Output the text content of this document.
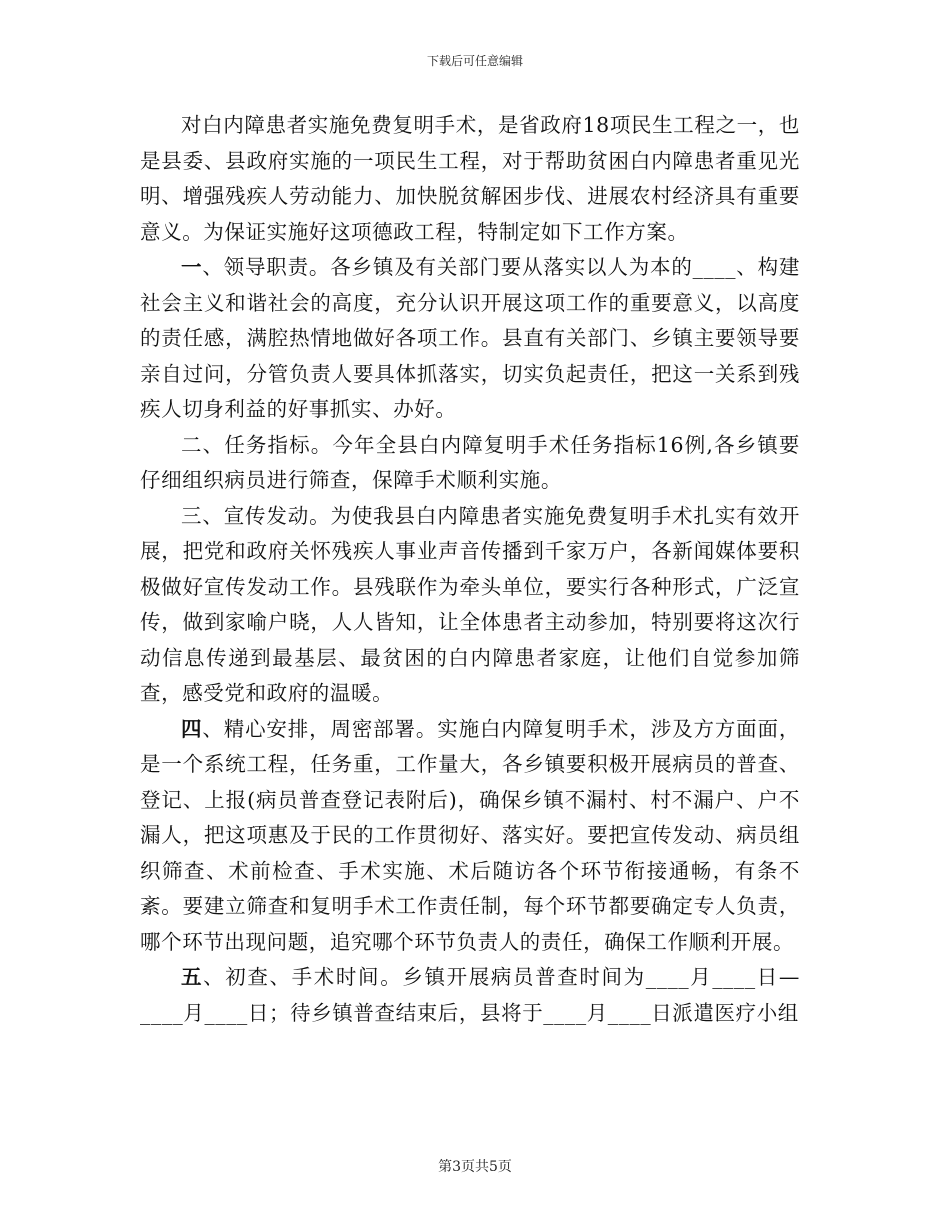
下载后可任意编辑

对白内障患者实施免费复明手术，是省政府18项民生工程之一，也是县委、县政府实施的一项民生工程，对于帮助贫困白内障患者重见光明、增强残疾人劳动能力、加快脱贫解困步伐、进展农村经济具有重要意义。为保证实施好这项德政工程，特制定如下工作方案。

一、领导职责。各乡镇及有关部门要从落实以人为本的____、构建社会主义和谐社会的高度，充分认识开展这项工作的重要意义，以高度的责任感，满腔热情地做好各项工作。县直有关部门、乡镇主要领导要亲自过问，分管负责人要具体抓落实，切实负起责任，把这一关系到残疾人切身利益的好事抓实、办好。

二、任务指标。今年全县白内障复明手术任务指标16例,各乡镇要仔细组织病员进行筛查，保障手术顺利实施。

三、宣传发动。为使我县白内障患者实施免费复明手术扎实有效开展，把党和政府关怀残疾人事业声音传播到千家万户，各新闻媒体要积极做好宣传发动工作。县残联作为牵头单位，要实行各种形式，广泛宣传，做到家喻户晓，人人皆知，让全体患者主动参加，特别要将这次行动信息传递到最基层、最贫困的白内障患者家庭，让他们自觉参加筛查，感受党和政府的温暖。

四、精心安排，周密部署。实施白内障复明手术，涉及方方面面，是一个系统工程，任务重，工作量大，各乡镇要积极开展病员的普查、登记、上报(病员普查登记表附后)，确保乡镇不漏村、村不漏户、户不漏人，把这项惠及于民的工作贯彻好、落实好。要把宣传发动、病员组织筛查、术前检查、手术实施、术后随访各个环节衔接通畅，有条不紊。要建立筛查和复明手术工作责任制，每个环节都要确定专人负责，哪个环节出现问题，追究哪个环节负责人的责任，确保工作顺利开展。

五、初查、手术时间。乡镇开展病员普查时间为____月____日—____月____日；待乡镇普查结束后，县将于____月____日派遣医疗小组

第3页共5页
